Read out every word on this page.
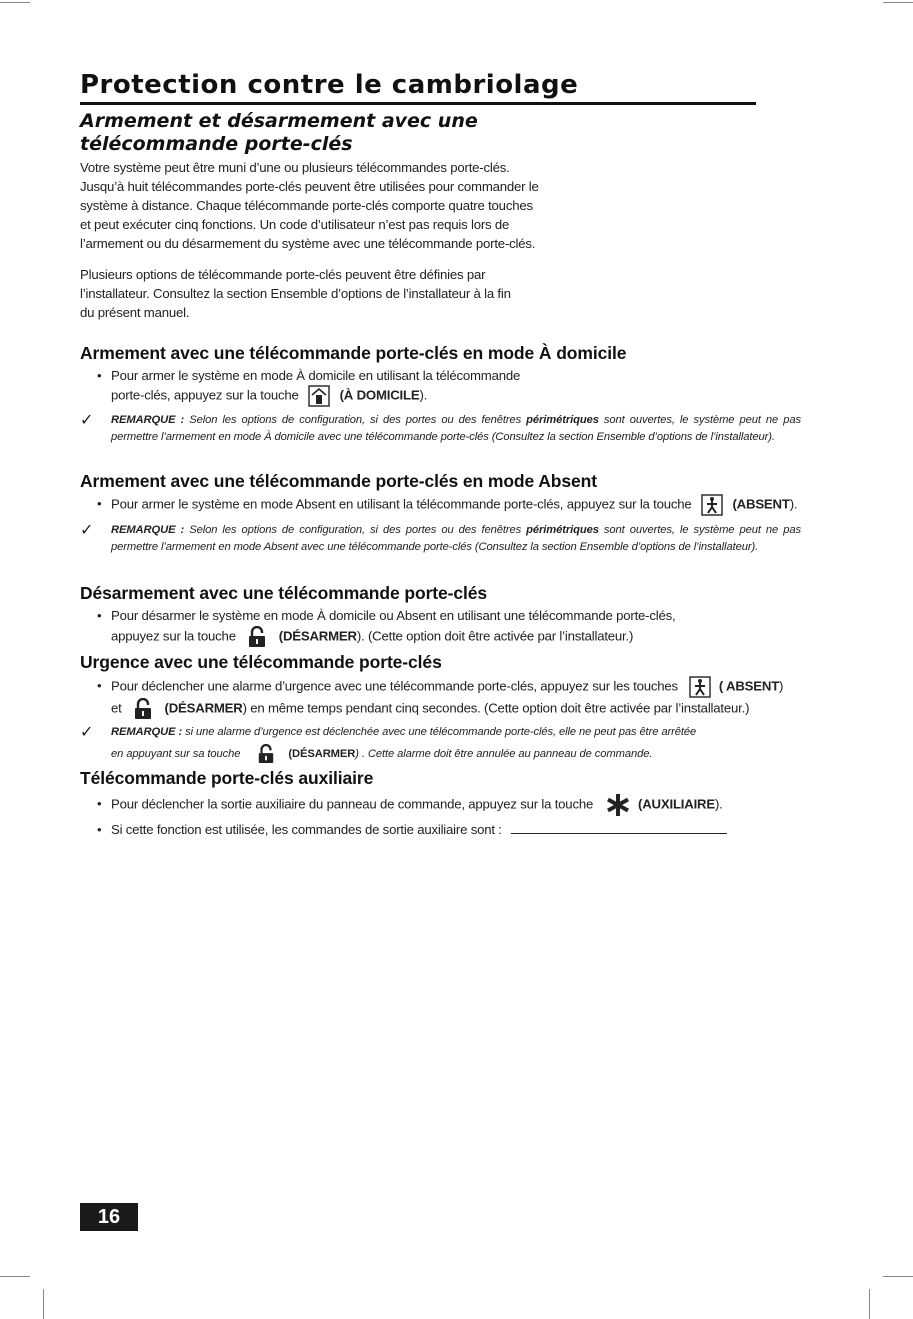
Protection contre le cambriolage
Armement et désarmement avec une
télécommande porte-clés
Votre système peut être muni d’une ou plusieurs télécommandes porte-clés.
Jusqu’à huit télécommandes porte-clés peuvent être utilisées pour commander le
système à distance. Chaque télécommande porte-clés comporte quatre touches
et peut exécuter cinq fonctions. Un code d’utilisateur n’est pas requis lors de
l’armement ou du désarmement du système avec une télécommande porte-clés.
Plusieurs options de télécommande porte-clés peuvent être définies par
l’installateur. Consultez la section Ensemble d’options de l’installateur à la fin
du présent manuel.
Armement avec une télécommande porte-clés en mode À domicile
• Pour armer le système en mode À domicile en utilisant la télécommande
porte-clés, appuyez sur la touche	(À DOMICILE).
✓ REMARQUE : Selon les options de configuration, si des portes ou des fenêtres périmétriques sont ouvertes, le système peut ne pas permettre l’armement en mode À domicile avec une télécommande porte-clés (Consultez la section Ensemble d’options de l’installateur).
Armement avec une télécommande porte-clés en mode Absent
• Pour armer le système en mode Absent en utilisant la télécommande porte-clés, appuyez sur la touche	(ABSENT).
✓ REMARQUE : Selon les options de configuration, si des portes ou des fenêtres périmétriques sont ouvertes, le système peut ne pas permettre l’armement en mode Absent avec une télécommande porte-clés (Consultez la section Ensemble d’options de l’installateur).
Désarmement avec une télécommande porte-clés
• Pour désarmer le système en mode À domicile ou Absent en utilisant une télécommande porte-clés,
appuyez sur la touche	(DÉSARMER). (Cette option doit être activée par l’installateur.)
Urgence avec une télécommande porte-clés
• Pour déclencher une alarme d’urgence avec une télécommande porte-clés, appuyez sur les touches	( ABSENT)
et	(DÉSARMER) en même temps pendant cinq secondes. (Cette option doit être activée par l’installateur.)
✓ REMARQUE : si une alarme d’urgence est déclenchée avec une télécommande porte-clés, elle ne peut pas être arrêtée
en appuyant sur sa touche	(DÉSARMER) . Cette alarme doit être annulée au panneau de commande.
Télécommande porte-clés auxiliaire
• Pour déclencher la sortie auxiliaire du panneau de commande, appuyez sur la touche	(AUXILIAIRE).
• Si cette fonction est utilisée, les commandes de sortie auxiliaire sont :
16
